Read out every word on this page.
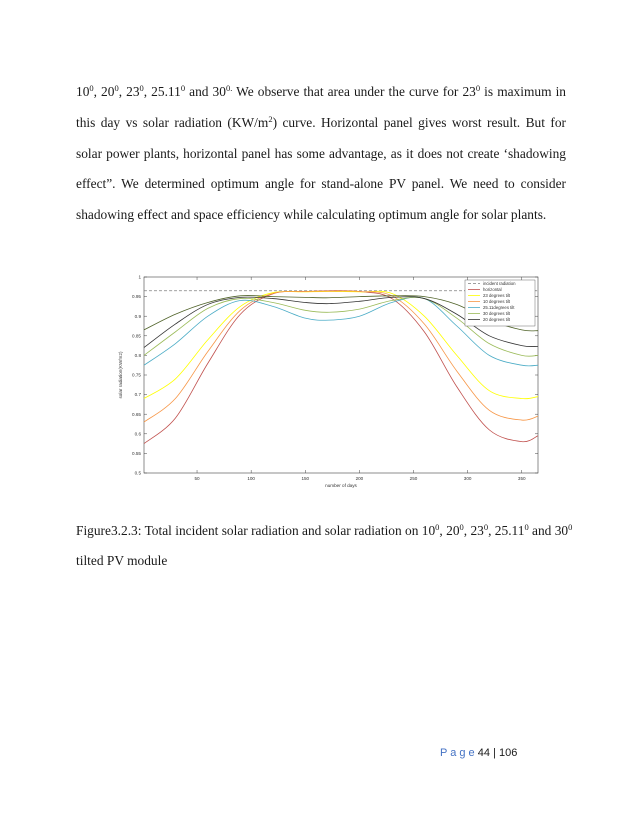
$10^0$, $20^0$, $23^0$, 25.11$^0$ and $30^{0.}$ We observe that area under the curve for $23^0$ is maximum in this day vs solar radiation $(KW/m^2)$ curve. Horizontal panel gives worst result. But for solar power plants, horizontal panel has some advantage, as it does not create ‘shadowing effect”. We determined optimum angle for stand-alone PV panel. We need to consider shadowing effect and space efficiency while calculating optimum angle for solar plants.

50	100	150	200	250	300	350
0.5
0.55
0.6
0.65
0.7
0.75
0.8
0.85
0.9
0.95
1
number of days
solar radiation(KW/m2)
incident radiation
horizontal
23 degrees tilt
10 degrees tilt
25.11degrees tilt
30 degrees tilt
20 degrees tilt

Figure3.2.3: Total incident solar radiation and solar radiation on $10^0$, $20^0$, $23^0$, 25.11$^0$ and $30^0$ tilted PV module

P a g e 44 | 106
